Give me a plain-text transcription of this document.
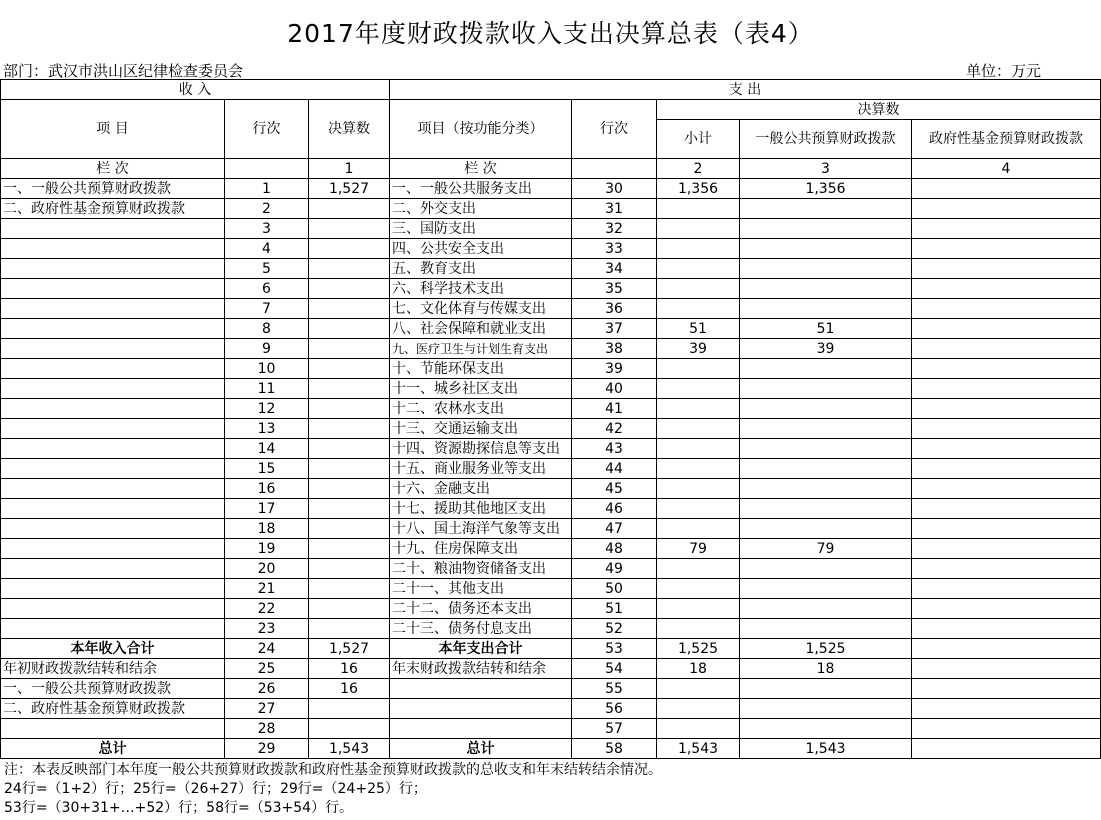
2017年度财政拨款收入支出决算总表（表4）
部门：武汉市洪山区纪律检查委员会	单位：万元
收 入			支 出				
项 目	行次	决算数	项目（按功能分类）	行次	决算数		
					小计	一般公共预算财政拨款	政府性基金预算财政拨款
栏 次		1	栏 次		2	3	4
一、一般公共预算财政拨款	1	1,527	一、一般公共服务支出	30	1,356	1,356	
二、政府性基金预算财政拨款	2		二、外交支出	31			
	3		三、国防支出	32			
	4		四、公共安全支出	33			
	5		五、教育支出	34			
	6		六、科学技术支出	35			
	7		七、文化体育与传媒支出	36			
	8		八、社会保障和就业支出	37	51	51	
	9		九、医疗卫生与计划生育支出	38	39	39	
	10		十、节能环保支出	39			
	11		十一、城乡社区支出	40			
	12		十二、农林水支出	41			
	13		十三、交通运输支出	42			
	14		十四、资源勘探信息等支出	43			
	15		十五、商业服务业等支出	44			
	16		十六、金融支出	45			
	17		十七、援助其他地区支出	46			
	18		十八、国土海洋气象等支出	47			
	19		十九、住房保障支出	48	79	79	
	20		二十、粮油物资储备支出	49			
	21		二十一、其他支出	50			
	22		二十二、债务还本支出	51			
	23		二十三、债务付息支出	52			
本年收入合计	24	1,527	本年支出合计	53	1,525	1,525	
年初财政拨款结转和结余	25	16	年末财政拨款结转和结余	54	18	18	
一、一般公共预算财政拨款	26	16		55			
二、政府性基金预算财政拨款	27			56			
	28			57			
总计	29	1,543	总计	58	1,543	1,543	
注：本表反映部门本年度一般公共预算财政拨款和政府性基金预算财政拨款的总收支和年末结转结余情况。
24行=（1+2）行；25行=（26+27）行；29行=（24+25）行；
53行=（30+31+…+52）行；58行=（53+54）行。
